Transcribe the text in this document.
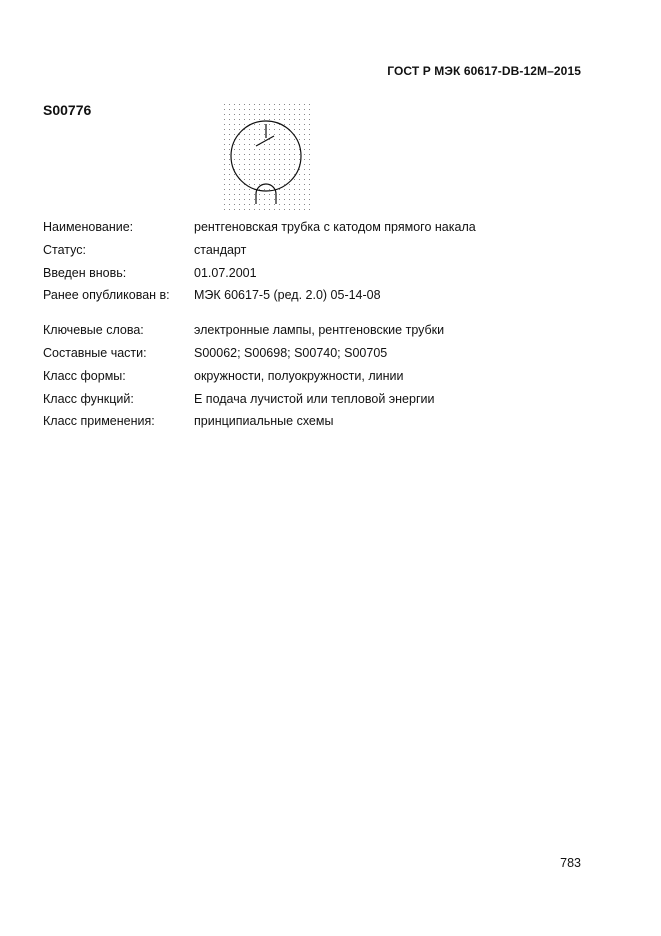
ГОСТ Р МЭК 60617-DB-12M–2015
S00776
Наименование:	рентгеновская трубка с катодом прямого накала
Статус:	стандарт
Введен вновь:	01.07.2001
Ранее опубликован в: МЭК 60617-5 (ред. 2.0) 05-14-08
Ключевые слова:	электронные лампы, рентгеновские трубки
Составные части:	S00062; S00698; S00740; S00705
Класс формы:	окружности, полуокружности, линии
Класс функций:	E подача лучистой или тепловой энергии
Класс применения:	принципиальные схемы
783
